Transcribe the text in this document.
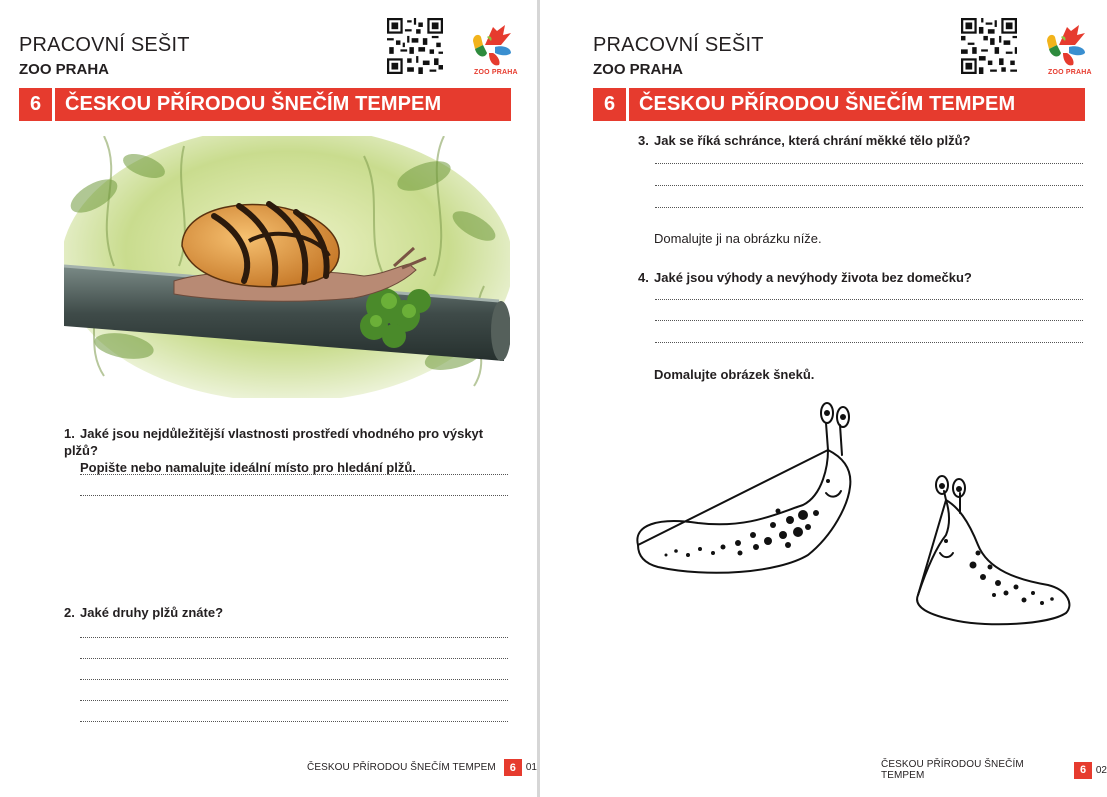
PRACOVNÍ SEŠIT
ZOO PRAHA	ZOO PRAHA
6	ČESKOU PŘÍRODOU ŠNEČÍM TEMPEM
1. Jaké jsou nejdůležitější vlastnosti prostředí vhodného pro výskyt plžů?
Popište nebo namalujte ideální místo pro hledání plžů.
2. Jaké druhy plžů znáte?
ČESKOU PŘÍRODOU ŠNEČÍM TEMPEM	6 01
PRACOVNÍ SEŠIT
ZOO PRAHA	ZOO PRAHA
6	ČESKOU PŘÍRODOU ŠNEČÍM TEMPEM
3. Jak se říká schránce, která chrání měkké tělo plžů?
Domalujte ji na obrázku níže.
4. Jaké jsou výhody a nevýhody života bez domečku?
Domalujte obrázek šneků.
ČESKOU PŘÍRODOU ŠNEČÍM TEMPEM	6 02
